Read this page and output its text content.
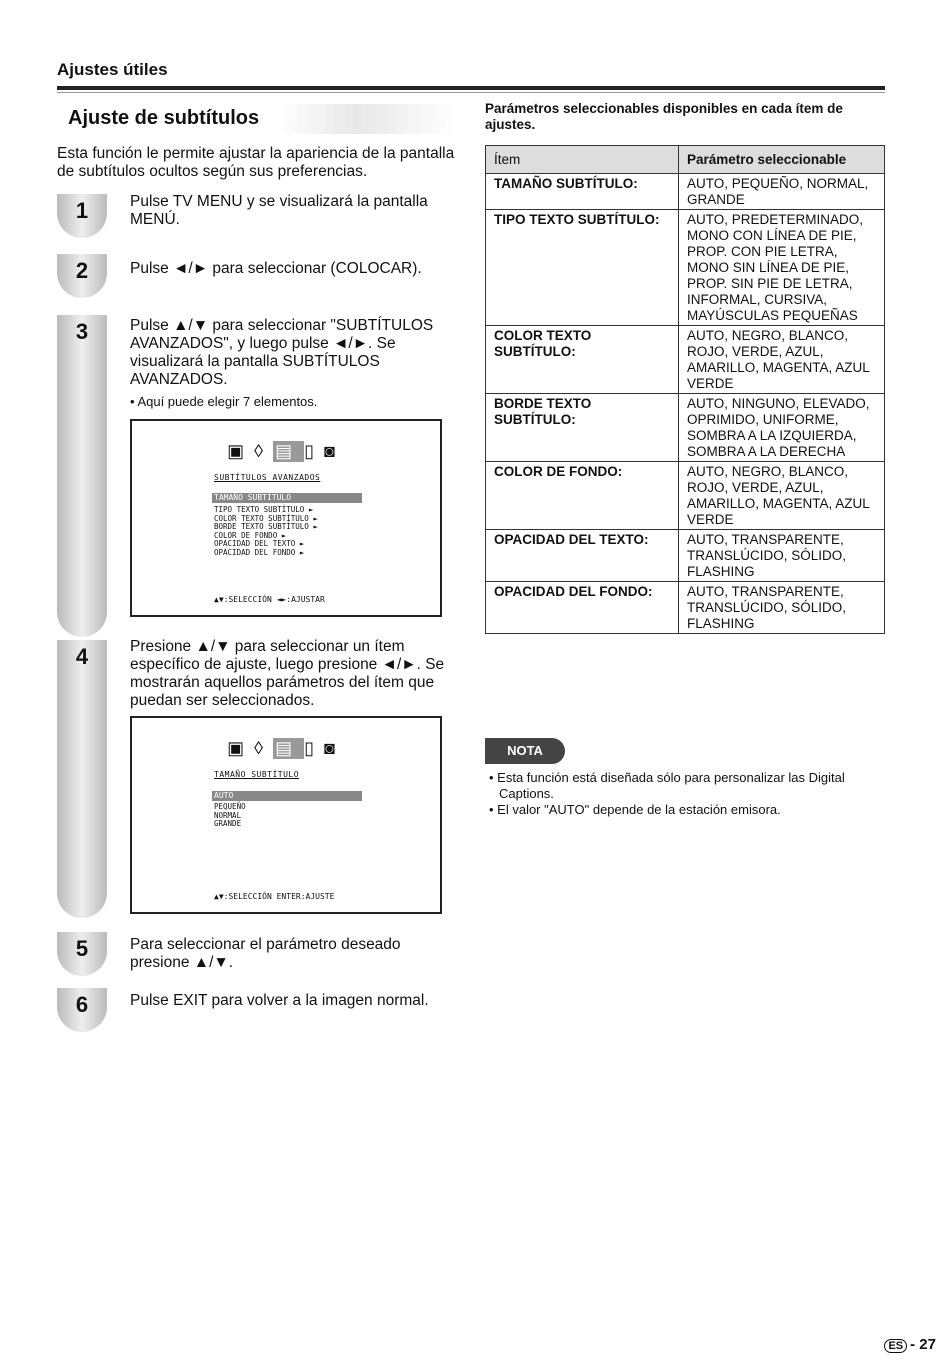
Ajustes útiles
Ajuste de subtítulos
Esta función le permite ajustar la apariencia de la pantalla de subtítulos ocultos según sus preferencias.
1
2
3
4
5
6
Pulse TV MENU y se visualizará la pantalla MENÚ.
Pulse ◄/► para seleccionar (COLOCAR).
Pulse ▲/▼ para seleccionar "SUBTÍTULOS AVANZADOS", y luego pulse ◄/►. Se visualizará la pantalla SUBTÍTULOS AVANZADOS.
• Aquí puede elegir 7 elementos.
▣◊ ▤ ▯◙
SUBTÍTULOS AVANZADOS
TAMAÑO SUBTÍTULO
TIPO TEXTO SUBTÍTULO ►
COLOR TEXTO SUBTÍTULO ►
BORDE TEXTO SUBTÍTULO ►
COLOR DE FONDO ►
OPACIDAD DEL TEXTO ►
OPACIDAD DEL FONDO ►
▲▼:SELECCIÓN ◄►:AJUSTAR
Presione ▲/▼ para seleccionar un ítem específico de ajuste, luego presione ◄/►. Se mostrarán aquellos parámetros del ítem que puedan ser seleccionados.
▣◊ ▤ ▯◙
TAMAÑO SUBTÍTULO
AUTO
PEQUEÑO
NORMAL
GRANDE
▲▼:SELECCIÓN ENTER:AJUSTE
Para seleccionar el parámetro deseado presione ▲/▼.
Pulse EXIT para volver a la imagen normal.
Parámetros seleccionables disponibles en cada ítem de ajustes.
Ítem	Parámetro seleccionable
TAMAÑO SUBTÍTULO:	AUTO, PEQUEÑO, NORMAL, GRANDE
TIPO TEXTO SUBTÍTULO:	AUTO, PREDETERMINADO, MONO CON LÍNEA DE PIE, PROP. CON PIE LETRA, MONO SIN LÍNEA DE PIE, PROP. SIN PIE DE LETRA, INFORMAL, CURSIVA, MAYÚSCULAS PEQUEÑAS
COLOR TEXTO SUBTÍTULO:	AUTO, NEGRO, BLANCO, ROJO, VERDE, AZUL, AMARILLO, MAGENTA, AZUL VERDE
BORDE TEXTO SUBTÍTULO:	AUTO, NINGUNO, ELEVADO, OPRIMIDO, UNIFORME, SOMBRA A LA IZQUIERDA, SOMBRA A LA DERECHA
COLOR DE FONDO:	AUTO, NEGRO, BLANCO, ROJO, VERDE, AZUL, AMARILLO, MAGENTA, AZUL VERDE
OPACIDAD DEL TEXTO:	AUTO, TRANSPARENTE, TRANSLÚCIDO, SÓLIDO, FLASHING
OPACIDAD DEL FONDO:	AUTO, TRANSPARENTE, TRANSLÚCIDO, SÓLIDO, FLASHING
NOTA
• Esta función está diseñada sólo para personalizar las Digital Captions.
• El valor "AUTO" depende de la estación emisora.
ES - 27
